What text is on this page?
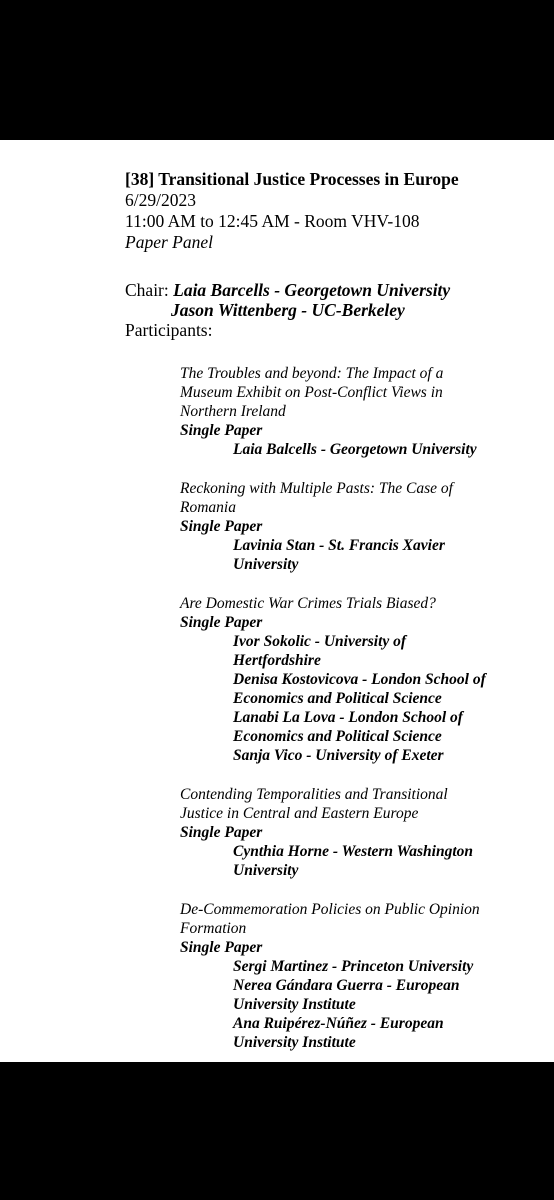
[38] Transitional Justice Processes in Europe
6/29/2023
11:00 AM to 12:45 AM - Room VHV-108
Paper Panel
Chair: Laia Barcells - Georgetown University
Jason Wittenberg - UC-Berkeley
Participants:
The Troubles and beyond: The Impact of a
Museum Exhibit on Post-Conflict Views in
Northern Ireland
Single Paper
Laia Balcells - Georgetown University
Reckoning with Multiple Pasts: The Case of
Romania
Single Paper
Lavinia Stan - St. Francis Xavier
University
Are Domestic War Crimes Trials Biased?
Single Paper
Ivor Sokolic - University of
Hertfordshire
Denisa Kostovicova - London School of
Economics and Political Science
Lanabi La Lova - London School of
Economics and Political Science
Sanja Vico - University of Exeter
Contending Temporalities and Transitional
Justice in Central and Eastern Europe
Single Paper
Cynthia Horne - Western Washington
University
De-Commemoration Policies on Public Opinion
Formation
Single Paper
Sergi Martinez - Princeton University
Nerea Gándara Guerra - European
University Institute
Ana Ruipérez-Núñez - European
University Institute
